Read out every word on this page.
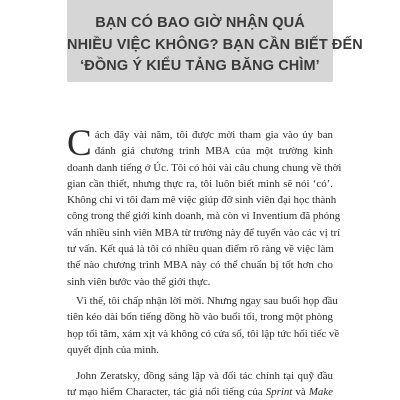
BẠN CÓ BAO GIỜ NHẬN QUÁ
NHIỀU VIỆC KHÔNG? BẠN CẦN BIẾT ĐẾN
‘ĐỒNG Ý KIỂU TẢNG BĂNG CHÌM’
C ách đây vài năm, tôi được mời tham gia vào ủy ban
đánh giá chương trình MBA của một trường kinh
doanh danh tiếng ở Úc. Tôi có hỏi vài câu chung chung về thời
gian cần thiết, nhưng thực ra, tôi luôn biết mình sẽ nói ‘có’.
Không chỉ vì tôi đam mê việc giúp đỡ sinh viên đại học thành
công trong thế giới kinh doanh, mà còn vì Inventium đã phỏng
vấn nhiều sinh viên MBA từ trường này để tuyển vào các vị trí
tư vấn. Kết quả là tôi có nhiều quan điểm rõ ràng về việc làm
thế nào chương trình MBA này có thể chuẩn bị tốt hơn cho
sinh viên bước vào thế giới thực.
Vì thế, tôi chấp nhận lời mời. Nhưng ngay sau buổi họp đầu
tiên kéo dài bốn tiếng đồng hồ vào buổi tối, trong một phòng
họp tối tăm, xám xịt và không có cửa sổ, tôi lập tức hối tiếc về
quyết định của mình.
John Zeratsky, đồng sáng lập và đối tác chính tại quỹ đầu
tư mạo hiểm Character, tác giả nổi tiếng của Sprint và Make
